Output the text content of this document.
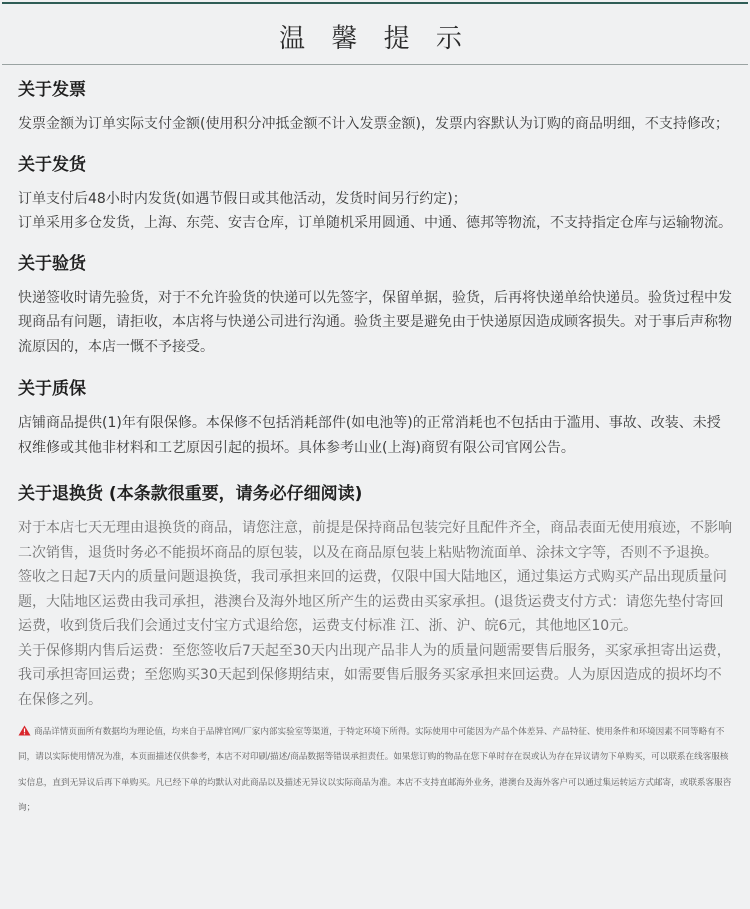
温 馨 提 示
关于发票

发票金额为订单实际支付金额(使用积分冲抵金额不计入发票金额)，发票内容默认为订购的商品明细，不支持修改；

关于发货

订单支付后48小时内发货(如遇节假日或其他活动，发货时间另行约定)；

订单采用多仓发货，上海、东莞、安吉仓库，订单随机采用圆通、中通、德邦等物流，不支持指定仓库与运输物流。

关于验货

快递签收时请先验货，对于不允许验货的快递可以先签字，保留单据，验货，后再将快递单给快递员。验货过程中发现商品有问题，请拒收，本店将与快递公司进行沟通。验货主要是避免由于快递原因造成顾客损失。对于事后声称物流原因的，本店一慨不予接受。

关于质保

店铺商品提供(1)年有限保修。本保修不包括消耗部件(如电池等)的正常消耗也不包括由于滥用、事故、改装、未授权维修或其他非材料和工艺原因引起的损坏。具体参考山业(上海)商贸有限公司官网公告。

关于退换货 (本条款很重要，请务必仔细阅读)

对于本店七天无理由退换货的商品，请您注意，前提是保持商品包装完好且配件齐全，商品表面无使用痕迹，不影响二次销售，退货时务必不能损坏商品的原包装，以及在商品原包装上粘贴物流面单、涂抹文字等，否则不予退换。

签收之日起7天内的质量问题退换货，我司承担来回的运费，仅限中国大陆地区，通过集运方式购买产品出现质量问题，大陆地区运费由我司承担，港澳台及海外地区所产生的运费由买家承担。(退货运费支付方式：请您先垫付寄回运费，收到货后我们会通过支付宝方式退给您，运费支付标准 江、浙、沪、皖6元，其他地区10元。

关于保修期内售后运费：至您签收后7天起至30天内出现产品非人为的质量问题需要售后服务，买家承担寄出运费，我司承担寄回运费；至您购买30天起到保修期结束，如需要售后服务买家承担来回运费。人为原因造成的损坏均不在保修之列。

商品详情页面所有数据均为理论值，均来自于品牌官网/厂家内部实验室等渠道，于特定环境下所得。实际使用中可能因为产品个体差异、产品特征、使用条件和环境因素不同等略有不同，请以实际使用情况为准，本页面描述仅供参考，本店不对印刷/描述/商品数据等错误承担责任。如果您订购的物品在您下单时存在误或认为存在异议请勿下单购买，可以联系在线客服核实信息，直到无异议后再下单购买。凡已经下单的均默认对此商品以及描述无异议以实际商品为准。本店不支持直邮海外业务，港澳台及海外客户可以通过集运转运方式邮寄，或联系客服咨询；
